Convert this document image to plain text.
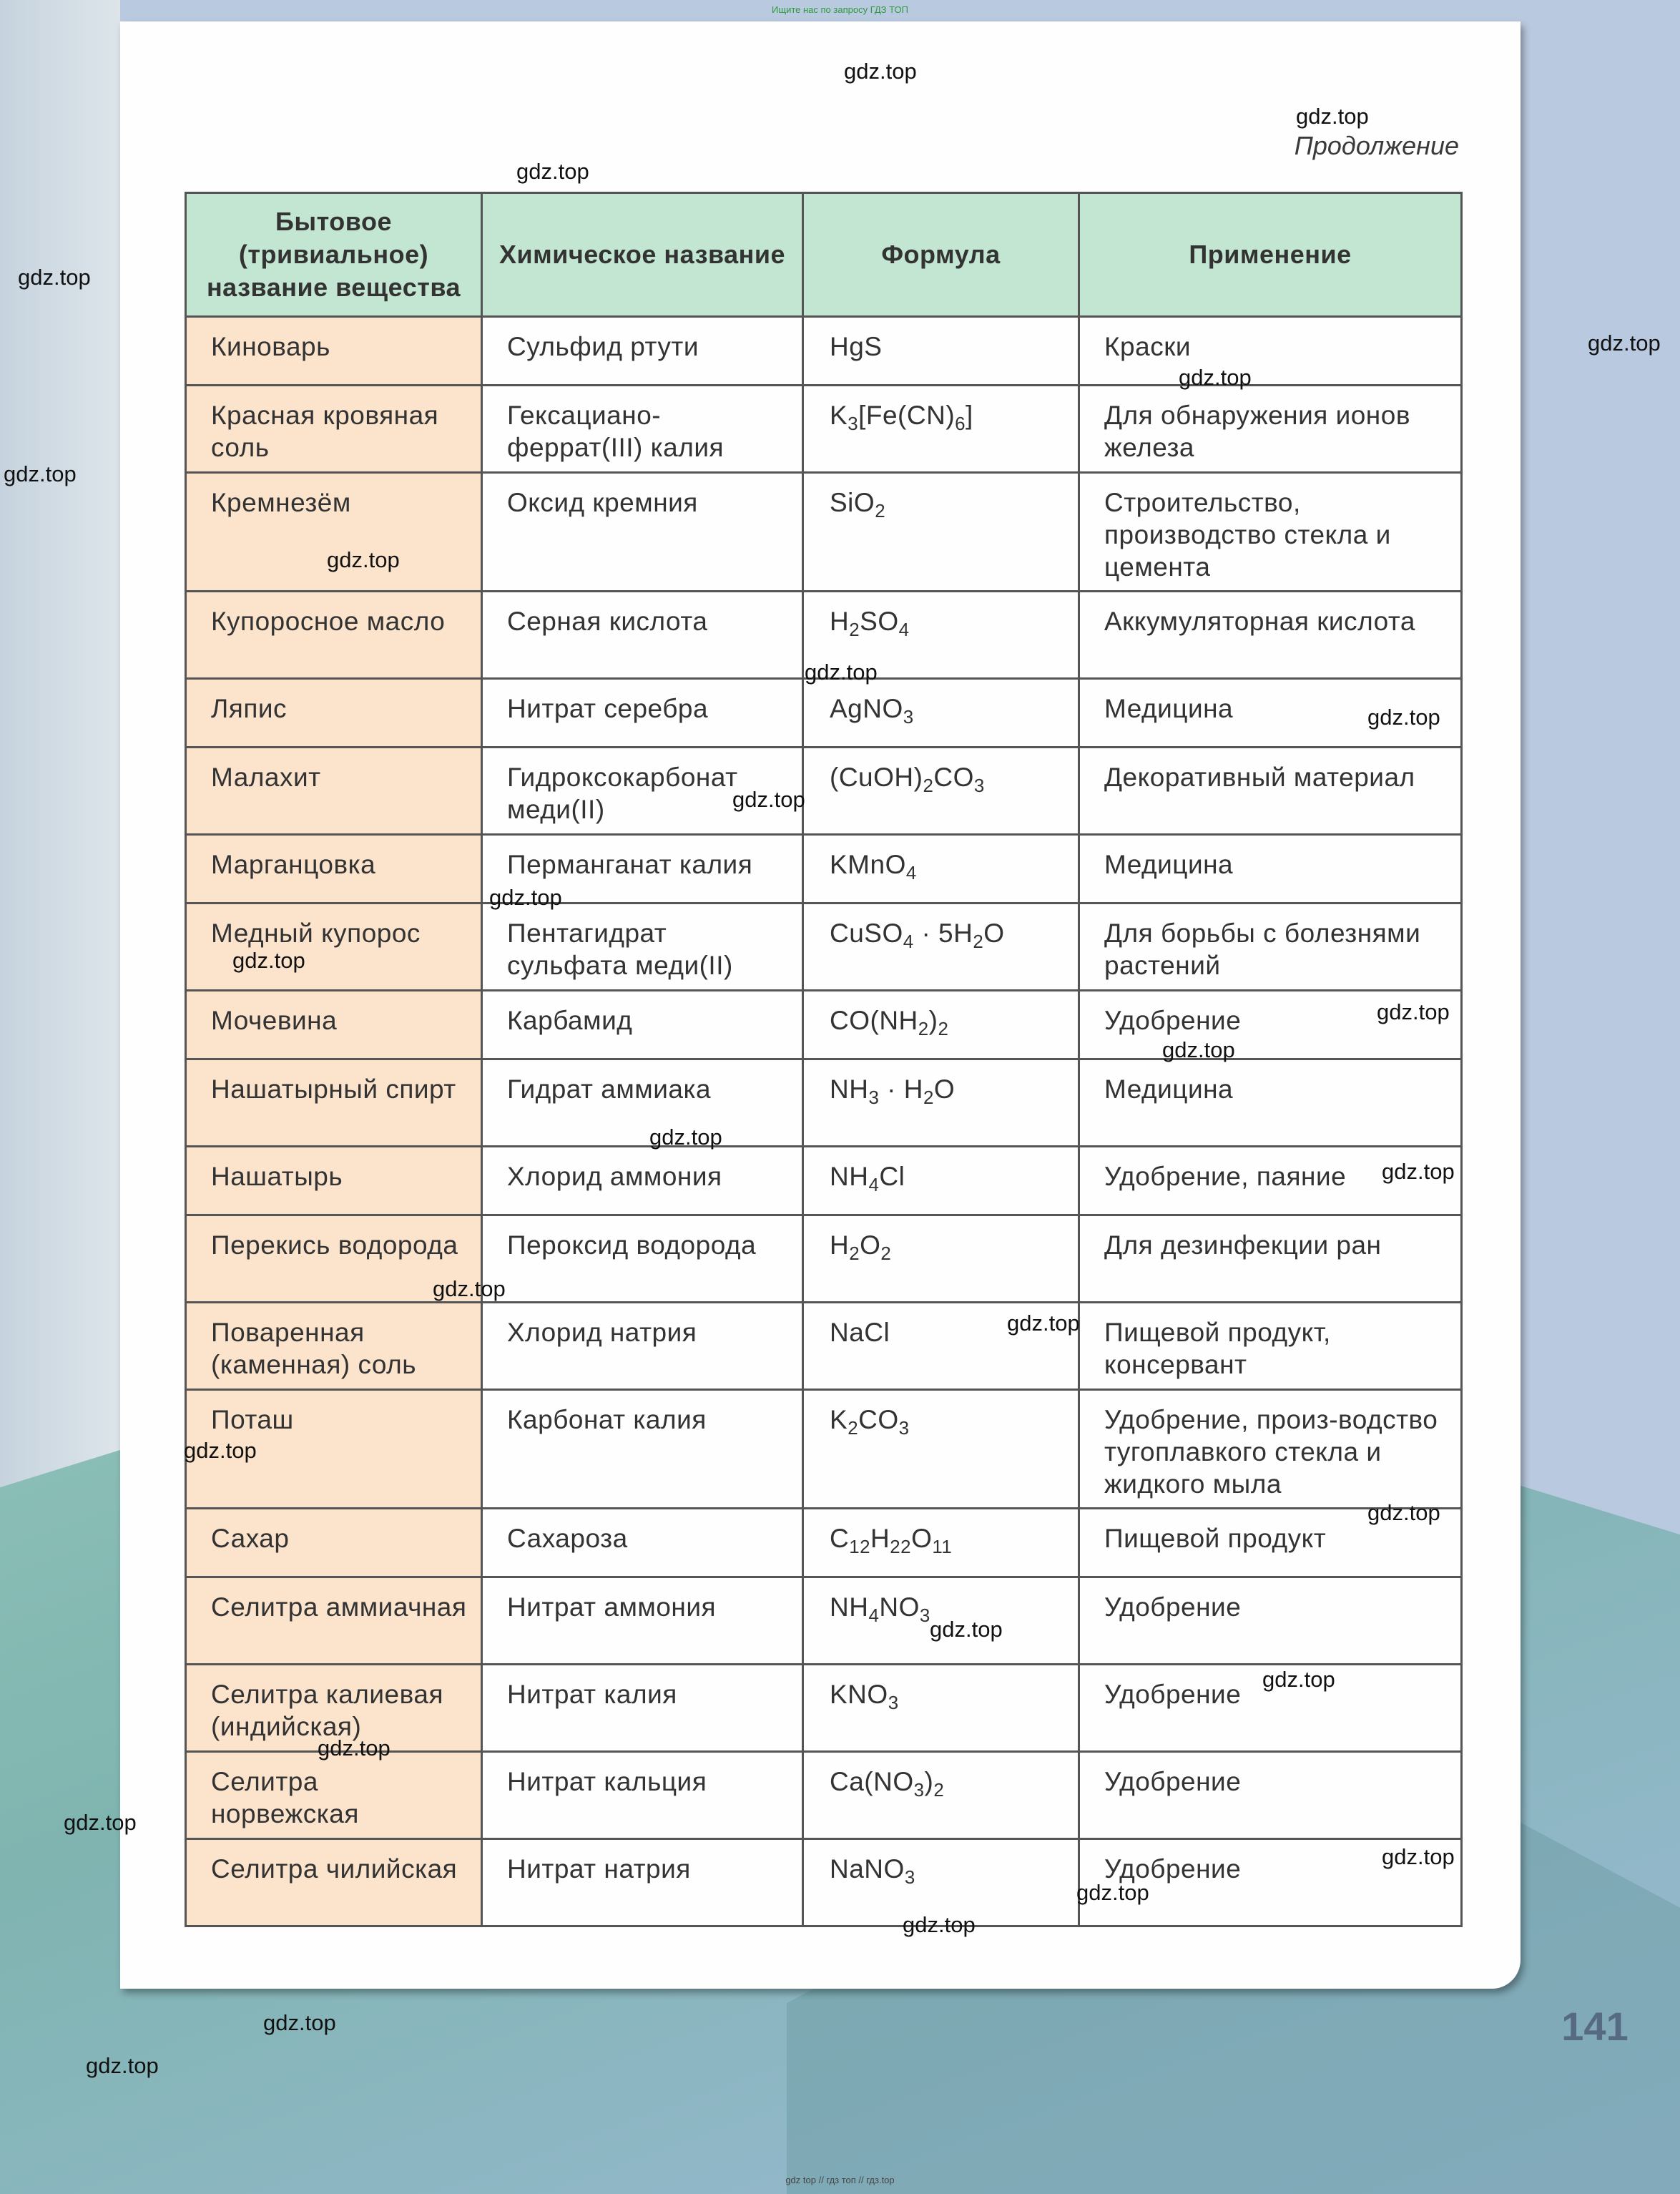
Ищите нас по запросу ГДЗ ТОП
Продолжение
Бытовое (тривиальное) название вещества	Химическое название	Формула	Применение
Киноварь	Сульфид ртути	HgS	Краски
Красная кровяная соль	Гексациано-феррат(III) калия	$K_3[Fe(CN)_6]$	Для обнаружения ионов железа
Кремнезём	Оксид кремния	SiO$_2$	Строительство, производство стекла и цемента
Купоросное масло	Серная кислота	$H_2SO_4$	Аккумуляторная кислота
Ляпис	Нитрат серебра	AgNO$_3$	Медицина
Малахит	Гидроксокарбонат меди(II)	$(CuOH)_2CO_3$	Декоративный материал
Марганцовка	Перманганат калия	KMnO$_4$	Медицина
Медный купорос	Пентагидрат сульфата меди(II)	CuSO$_4$ · $5H_2O$	Для борьбы с болезнями растений
Мочевина	Карбамид	$CO(NH_2)_2$	Удобрение
Нашатырный спирт	Гидрат аммиака	$NH_3 \cdot H_2O$	Медицина
Нашатырь	Хлорид аммония	$NH_4Cl$	Удобрение, паяние
Перекись водорода	Пероксид водорода	$H_2O_2$	Для дезинфекции ран
Поваренная (каменная) соль	Хлорид натрия	NaCl	Пищевой продукт, консервант
Поташ	Карбонат калия	$K_2CO_3$	Удобрение, произ-водство тугоплавкого стекла и жидкого мыла
Сахар	Сахароза	$C_{12}H_{22}O_{11}$	Пищевой продукт
Селитра аммиачная	Нитрат аммония	$NH_4NO_3$	Удобрение
Селитра калиевая (индийская)	Нитрат калия	$KNO_3$	Удобрение
Селитра норвежская	Нитрат кальция	$Ca(NO_3)_2$	Удобрение
Селитра чилийская	Нитрат натрия	NaNO$_3$	Удобрение
141
gdz top // гдз топ // гдз.top
gdz.top
gdz.top
gdz.top
gdz.top
gdz.top
gdz.top
gdz.top
gdz.top
gdz.top
gdz.top
gdz.top
gdz.top
gdz.top
gdz.top
gdz.top
gdz.top
gdz.top
gdz.top
gdz.top
gdz.top
gdz.top
gdz.top
gdz.top
gdz.top
gdz.top
gdz.top
gdz.top
gdz.top
gdz.top
gdz.top
